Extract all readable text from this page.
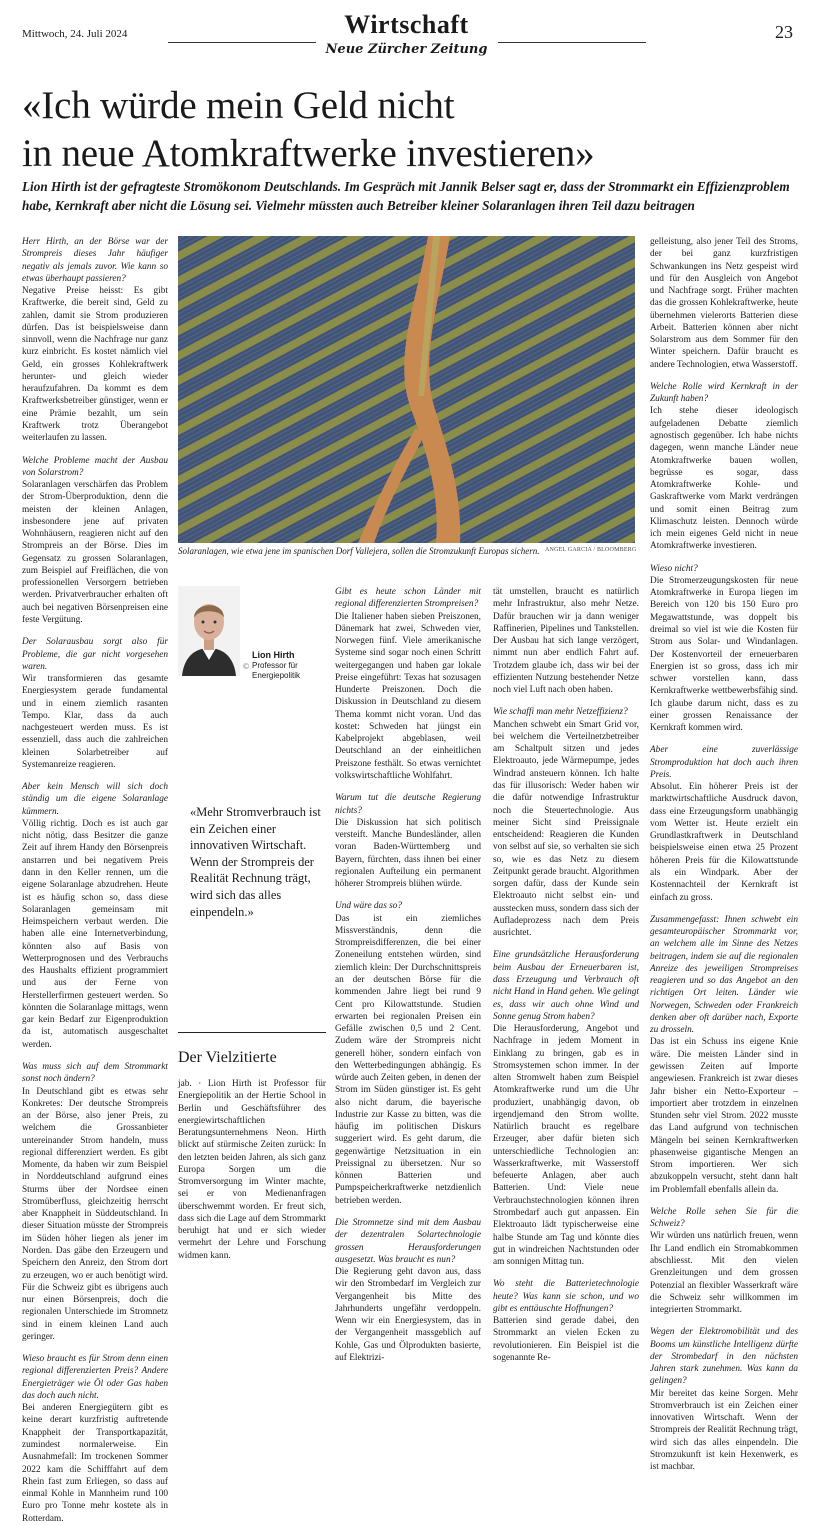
Mittwoch, 24. Juli 2024	Wirtschaft
Neue Zürcher Zeitung
23
«Ich würde mein Geld nicht
in neue Atomkraftwerke investieren»
Lion Hirth ist der gefragteste Stromökonom Deutschlands. Im Gespräch mit Jannik Belser sagt er, dass der Strommarkt ein Effizienzproblem habe, Kernkraft aber nicht die Lösung sei. Vielmehr müssten auch Betreiber kleiner Solaranlagen ihren Teil dazu beitragen

Herr Hirth, an der Börse war der Strompreis dieses Jahr häufiger negativ als jemals zuvor. Wie kann so etwas überhaupt passieren?
Negative Preise heisst: Es gibt Kraftwerke, die bereit sind, Geld zu zahlen, damit sie Strom produzieren dürfen. Das ist beispielsweise dann sinnvoll, wenn die Nachfrage nur ganz kurz einbricht. Es kostet nämlich viel Geld, ein grosses Kohlekraftwerk herunter- und gleich wieder heraufzufahren. Da kommt es dem Kraftwerksbetreiber günstiger, wenn er eine Prämie bezahlt, um sein Kraftwerk trotz Überangebot weiterlaufen zu lassen.

Welche Probleme macht der Ausbau von Solarstrom?
Solaranlagen verschärfen das Problem der Strom-Überproduktion, denn die meisten der kleinen Anlagen, insbesondere jene auf privaten Wohnhäusern, reagieren nicht auf den Strompreis an der Börse. Dies im Gegensatz zu grossen Solaranlagen, zum Beispiel auf Freiflächen, die von professionellen Versorgern betrieben werden. Privatverbraucher erhalten oft auch bei negativen Börsenpreisen eine feste Vergütung.

Der Solarausbau sorgt also für Probleme, die gar nicht vorgesehen waren.
Wir transformieren das gesamte Energiesystem gerade fundamental und in einem ziemlich rasanten Tempo. Klar, dass da auch nachgesteuert werden muss. Es ist essenziell, dass auch die zahlreichen kleinen Solarbetreiber auf Systemanreize reagieren.

Aber kein Mensch will sich doch ständig um die eigene Solaranlage kümmern.
Völlig richtig. Doch es ist auch gar nicht nötig, dass Besitzer die ganze Zeit auf ihrem Handy den Börsenpreis anstarren und bei negativem Preis dann in den Keller rennen, um die eigene Solaranlage abzudrehen. Heute ist es häufig schon so, dass diese Solaranlagen gemeinsam mit Heimspeichern verbaut werden. Die haben alle eine Internetverbindung, könnten also auf Basis von Wetterprognosen und des Verbrauchs des Haushalts effizient programmiert und aus der Ferne von Herstellerfirmen gesteuert werden. So könnten die Solaranlage mittags, wenn gar kein Bedarf zur Eigenproduktion da ist, automatisch ausgeschaltet werden.

Was muss sich auf dem Strommarkt sonst noch ändern?
In Deutschland gibt es etwas sehr Konkretes: Der deutsche Strompreis an der Börse, also jener Preis, zu welchem die Grossanbieter untereinander Strom handeln, muss regional differenziert werden. Es gibt Momente, da haben wir zum Beispiel in Norddeutschland aufgrund eines Sturms über der Nordsee einen Stromüberfluss, gleichzeitig herrscht aber Knappheit in Süddeutschland. In dieser Situation müsste der Strompreis im Süden höher liegen als jener im Norden. Das gäbe den Erzeugern und Speichern den Anreiz, den Strom dort zu erzeugen, wo er auch benötigt wird. Für die Schweiz gibt es übrigens auch nur einen Börsenpreis, doch die regionalen Unterschiede im Stromnetz sind in einem kleinen Land auch geringer.

Wieso braucht es für Strom denn einen regional differenzierten Preis? Andere Energieträger wie Öl oder Gas haben das doch auch nicht.
Bei anderen Energiegütern gibt es keine derart kurzfristig auftretende Knappheit der Transportkapazität, zumindest normalerweise. Ein Ausnahmefall: Im trockenen Sommer 2022 kam die Schifffahrt auf dem Rhein fast zum Erliegen, so dass auf einmal Kohle in Mannheim rund 100 Euro pro Tonne mehr kostete als in Rotterdam.

Solaranlagen, wie etwa jene im spanischen Dorf Vallejera, sollen die Stromzukunft Europas sichern. ANGEL GARCIA / BLOOMBERG
©
Lion Hirth
Professor für Energiepolitik
«Mehr Stromverbrauch ist ein Zeichen einer innovativen Wirtschaft. Wenn der Strompreis der Realität Rechnung trägt, wird sich das alles einpendeln.»
Der Vielzitierte
jab. · Lion Hirth ist Professor für Energiepolitik an der Hertie School in Berlin und Geschäftsführer des energiewirtschaftlichen Beratungsunternehmens Neon. Hirth blickt auf stürmische Zeiten zurück: In den letzten beiden Jahren, als sich ganz Europa Sorgen um die Stromversorgung im Winter machte, sei er von Medienanfragen überschwemmt worden. Er freut sich, dass sich die Lage auf dem Strommarkt beruhigt hat und er sich wieder vermehrt der Lehre und Forschung widmen kann.

Gibt es heute schon Länder mit regional differenzierten Strompreisen?
Die Italiener haben sieben Preiszonen, Dänemark hat zwei, Schweden vier, Norwegen fünf. Viele amerikanische Systeme sind sogar noch einen Schritt weitergegangen und haben gar lokale Preise eingeführt: Texas hat sozusagen Hunderte Preiszonen. Doch die Diskussion in Deutschland zu diesem Thema kommt nicht voran. Und das kostet: Schweden hat jüngst ein Kabelprojekt abgeblasen, weil Deutschland an der einheitlichen Preiszone festhält. So etwas vernichtet volkswirtschaftliche Wohlfahrt.

Warum tut die deutsche Regierung nichts?
Die Diskussion hat sich politisch versteift. Manche Bundesländer, allen voran Baden-Württemberg und Bayern, fürchten, dass ihnen bei einer regionalen Aufteilung ein permanent höherer Strompreis blühen würde.

Und wäre das so?
Das ist ein ziemliches Missverständnis, denn die Strompreisdifferenzen, die bei einer Zoneneilung entstehen würden, sind ziemlich klein: Der Durchschnittspreis an der deutschen Börse für die kommenden Jahre liegt bei rund 9 Cent pro Kilowattstunde. Studien erwarten bei regionalen Preisen ein Gefälle zwischen 0,5 und 2 Cent. Zudem wäre der Strompreis nicht generell höher, sondern einfach von den Wetterbedingungen abhängig. Es würde auch Zeiten geben, in denen der Strom im Süden günstiger ist. Es geht also nicht darum, die bayerische Industrie zur Kasse zu bitten, was die häufig im politischen Diskurs suggeriert wird. Es geht darum, die gegenwärtige Netzsituation in ein Preissignal zu übersetzen. Nur so können Batterien und Pumpspeicherkraftwerke netzdienlich betrieben werden.

Die Stromnetze sind mit dem Ausbau der dezentralen Solartechnologie grossen Herausforderungen ausgesetzt. Was braucht es nun?
Die Regierung geht davon aus, dass wir den Strombedarf im Vergleich zur Vergangenheit bis Mitte des Jahrhunderts ungefähr verdoppeln. Wenn wir ein Energiesystem, das in der Vergangenheit massgeblich auf Kohle, Gas und Ölprodukten basierte, auf Elektrizi-

tät umstellen, braucht es natürlich mehr Infrastruktur, also mehr Netze. Dafür brauchen wir ja dann weniger Raffinerien, Pipelines und Tankstellen. Der Ausbau hat sich lange verzögert, nimmt nun aber endlich Fahrt auf. Trotzdem glaube ich, dass wir bei der effizienten Nutzung bestehender Netze noch viel Luft nach oben haben.

Wie schaffi man mehr Netzeffizienz?
Manchen schwebt ein Smart Grid vor, bei welchem die Verteilnetzbetreiber am Schaltpult sitzen und jedes Elektroauto, jede Wärmepumpe, jedes Windrad ansteuern können. Ich halte das für illusorisch: Weder haben wir die dafür notwendige Infrastruktur noch die Steuertechnologie. Aus meiner Sicht sind Preissignale entscheidend: Reagieren die Kunden von selbst auf sie, so verhalten sie sich so, wie es das Netz zu diesem Zeitpunkt gerade braucht. Algorithmen sorgen dafür, dass der Kunde sein Elektroauto nicht selbst ein- und ausstecken muss, sondern dass sich der Aufladeprozess nach dem Preis ausrichtet.

Eine grundsätzliche Herausforderung beim Ausbau der Erneuerbaren ist, dass Erzeugung und Verbrauch oft nicht Hand in Hand gehen. Wie gelingt es, dass wir auch ohne Wind und Sonne genug Strom haben?
Die Herausforderung, Angebot und Nachfrage in jedem Moment in Einklang zu bringen, gab es in Stromsystemen schon immer. In der alten Stromwelt haben zum Beispiel Atomkraftwerke rund um die Uhr produziert, unabhängig davon, ob irgendjemand den Strom wollte. Natürlich braucht es regelbare Erzeuger, aber dafür bieten sich unterschiedliche Technologien an: Wasserkraftwerke, mit Wasserstoff befeuerte Anlagen, aber auch Batterien. Und: Viele neue Verbrauchstechnologien können ihren Strombedarf auch gut anpassen. Ein Elektroauto lädt typischerweise eine halbe Stunde am Tag und könnte dies gut in windreichen Nachtstunden oder am sonnigen Mittag tun.

Wo steht die Batterietechnologie heute? Was kann sie schon, und wo gibt es enttäuschte Hoffnungen?
Batterien sind gerade dabei, den Strommarkt an vielen Ecken zu revolutionieren. Ein Beispiel ist die sogenannte Re-

gelleistung, also jener Teil des Stroms, der bei ganz kurzfristigen Schwankungen ins Netz gespeist wird und für den Ausgleich von Angebot und Nachfrage sorgt. Früher machten das die grossen Kohlekraftwerke, heute übernehmen vielerorts Batterien diese Arbeit. Batterien können aber nicht Solarstrom aus dem Sommer für den Winter speichern. Dafür braucht es andere Technologien, etwa Wasserstoff.

Welche Rolle wird Kernkraft in der Zukunft haben?
Ich stehe dieser ideologisch aufgeladenen Debatte ziemlich agnostisch gegenüber. Ich habe nichts dagegen, wenn manche Länder neue Atomkraftwerke bauen wollen, begrüsse es sogar, dass Atomkraftwerke Kohle- und Gaskraftwerke vom Markt verdrängen und somit einen Beitrag zum Klimaschutz leisten. Dennoch würde ich mein eigenes Geld nicht in neue Atomkraftwerke investieren.

Wieso nicht?
Die Stromerzeugungskosten für neue Atomkraftwerke in Europa liegen im Bereich von 120 bis 150 Euro pro Megawattstunde, was doppelt bis dreimal so viel ist wie die Kosten für Strom aus Solar- und Windanlagen. Der Kostenvorteil der erneuerbaren Energien ist so gross, dass ich mir schwer vorstellen kann, dass Kernkraftwerke wettbewerbsfähig sind. Ich glaube darum nicht, dass es zu einer grossen Renaissance der Kernkraft kommen wird.

Aber eine zuverlässige Stromproduktion hat doch auch ihren Preis.
Absolut. Ein höherer Preis ist der marktwirtschaftliche Ausdruck davon, dass eine Erzeugungsform unabhängig vom Wetter ist. Heute erzielt ein Grundlastkraftwerk in Deutschland beispielsweise einen etwa 25 Prozent höheren Preis für die Kilowattstunde als ein Windpark. Aber der Kostennachteil der Kernkraft ist einfach zu gross.

Zusammengefasst: Ihnen schwebt ein gesamteuropäischer Strommarkt vor, an welchem alle im Sinne des Netzes beitragen, indem sie auf die regionalen Anreize des jeweiligen Strompreises reagieren und so das Angebot an den richtigen Ort leiten. Länder wie Norwegen, Schweden oder Frankreich denken aber oft darüber nach, Exporte zu drosseln.
Das ist ein Schuss ins eigene Knie wäre. Die meisten Länder sind in gewissen Zeiten auf Importe angewiesen. Frankreich ist zwar dieses Jahr bisher ein Netto-Exporteur – importiert aber trotzdem in einzelnen Stunden sehr viel Strom. 2022 musste das Land aufgrund von technischen Mängeln bei seinen Kernkraftwerken phasenweise gigantische Mengen an Strom importieren. Wer sich abzukoppeln versucht, steht dann halt im Problemfall ebenfalls allein da.

Welche Rolle sehen Sie für die Schweiz?
Wir würden uns natürlich freuen, wenn Ihr Land endlich ein Stromabkommen abschliesst. Mit den vielen Grenzleitungen und dem grossen Potenzial an flexibler Wasserkraft wäre die Schweiz sehr willkommen im integrierten Strommarkt.

Wegen der Elektromobilität und des Booms um künstliche Intelligenz dürfte der Strombedarf in den nächsten Jahren stark zunehmen. Was kann da gelingen?
Mir bereitet das keine Sorgen. Mehr Stromverbrauch ist ein Zeichen einer innovativen Wirtschaft. Wenn der Strompreis der Realität Rechnung trägt, wird sich das alles einpendeln. Die Stromzukunft ist kein Hexenwerk, es ist machbar.
